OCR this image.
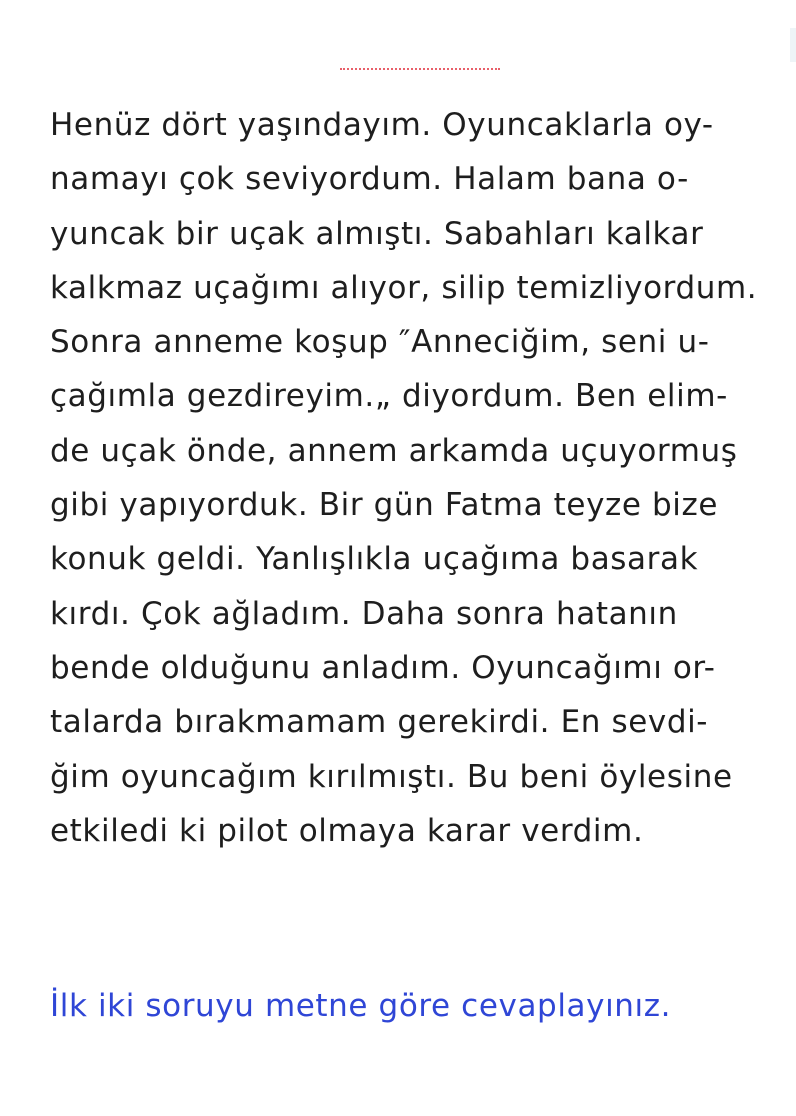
Henüz dört yaşındayım. Oyuncaklarla oy-
namayı çok seviyordum. Halam bana o-
yuncak bir uçak almıştı. Sabahları kalkar
kalkmaz uçağımı alıyor, silip temizliyordum.
Sonra anneme koşup ″Anneciğim, seni u-
çağımla gezdireyim.„ diyordum. Ben elim-
de uçak önde, annem arkamda uçuyormuş
gibi yapıyorduk. Bir gün Fatma teyze bize
konuk geldi. Yanlışlıkla uçağıma basarak
kırdı. Çok ağladım. Daha sonra hatanın
bende olduğunu anladım. Oyuncağımı or-
talarda bırakmamam gerekirdi. En sevdi-
ğim oyuncağım kırılmıştı. Bu beni öylesine
etkiledi ki pilot olmaya karar verdim.
İlk iki soruyu metne göre cevaplayınız.
